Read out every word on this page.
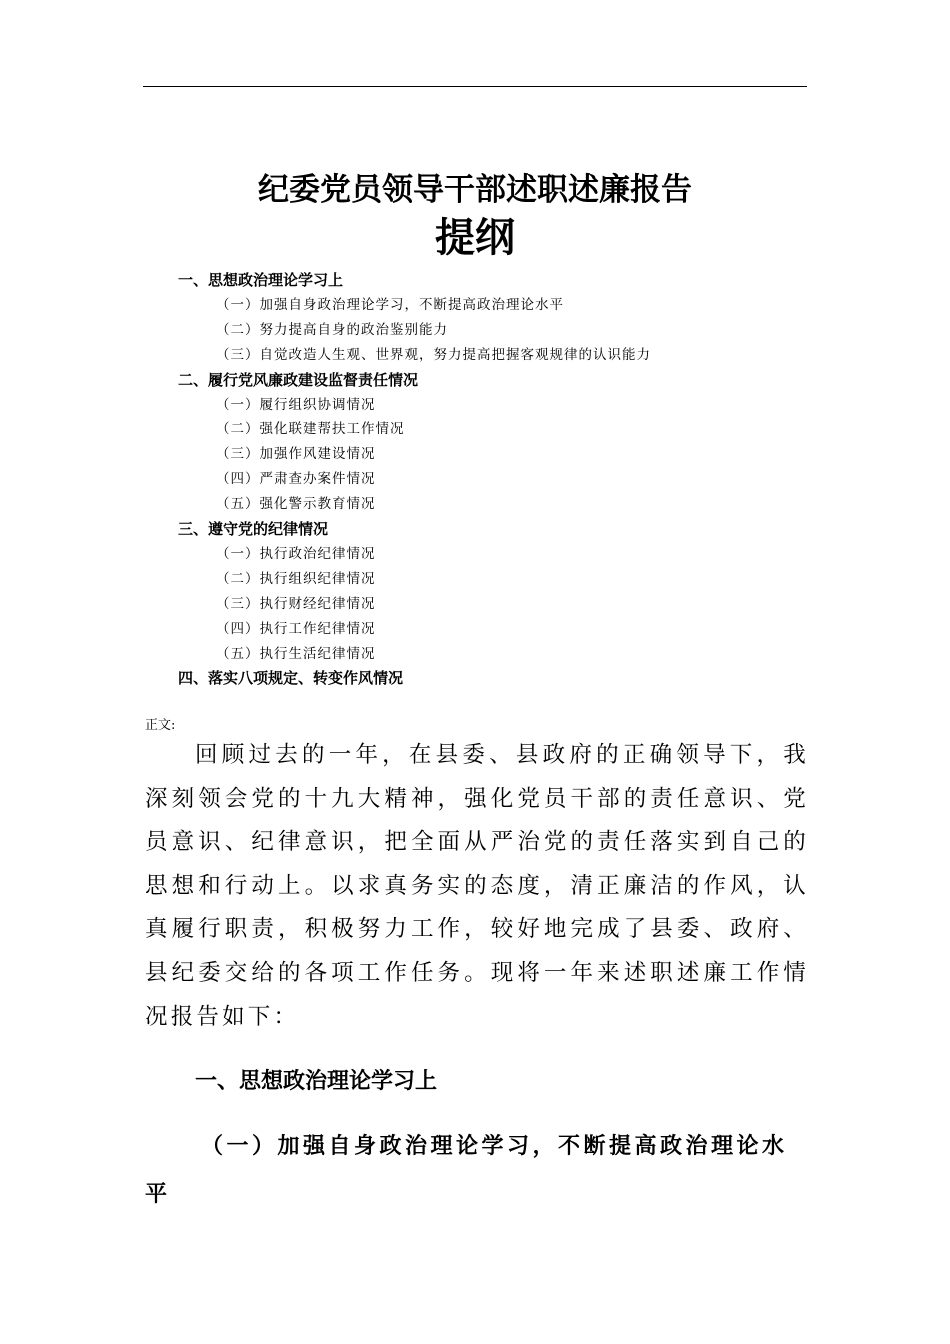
纪委党员领导干部述职述廉报告
提纲
一、思想政治理论学习上
（一）加强自身政治理论学习，不断提高政治理论水平
（二）努力提高自身的政治鉴别能力
（三）自觉改造人生观、世界观，努力提高把握客观规律的认识能力
二、履行党风廉政建设监督责任情况
（一）履行组织协调情况
（二）强化联建帮扶工作情况
（三）加强作风建设情况
（四）严肃查办案件情况
（五）强化警示教育情况
三、遵守党的纪律情况
（一）执行政治纪律情况
（二）执行组织纪律情况
（三）执行财经纪律情况
（四）执行工作纪律情况
（五）执行生活纪律情况
四、落实八项规定、转变作风情况
正文:

回顾过去的一年，在县委、县政府的正确领导下，我深刻领会党的十九大精神，强化党员干部的责任意识、党员意识、纪律意识，把全面从严治党的责任落实到自己的思想和行动上。以求真务实的态度，清正廉洁的作风，认真履行职责，积极努力工作，较好地完成了县委、政府、县纪委交给的各项工作任务。现将一年来述职述廉工作情况报告如下：

一、思想政治理论学习上

（一）加强自身政治理论学习，不断提高政治理论水平
